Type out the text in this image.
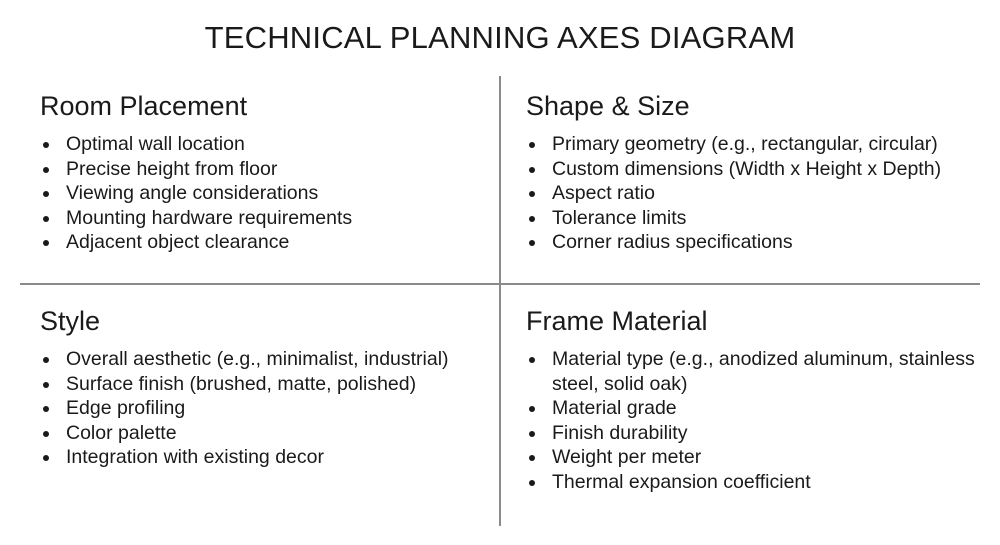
TECHNICAL PLANNING AXES DIAGRAM
Room Placement
Optimal wall location
Precise height from floor
Viewing angle considerations
Mounting hardware requirements
Adjacent object clearance
Shape & Size
Primary geometry (e.g., rectangular, circular)
Custom dimensions (Width x Height x Depth)
Aspect ratio
Tolerance limits
Corner radius specifications
Style
Overall aesthetic (e.g., minimalist, industrial)
Surface finish (brushed, matte, polished)
Edge profiling
Color palette
Integration with existing decor
Frame Material
Material type (e.g., anodized aluminum, stainless steel, solid oak)
Material grade
Finish durability
Weight per meter
Thermal expansion coefficient
